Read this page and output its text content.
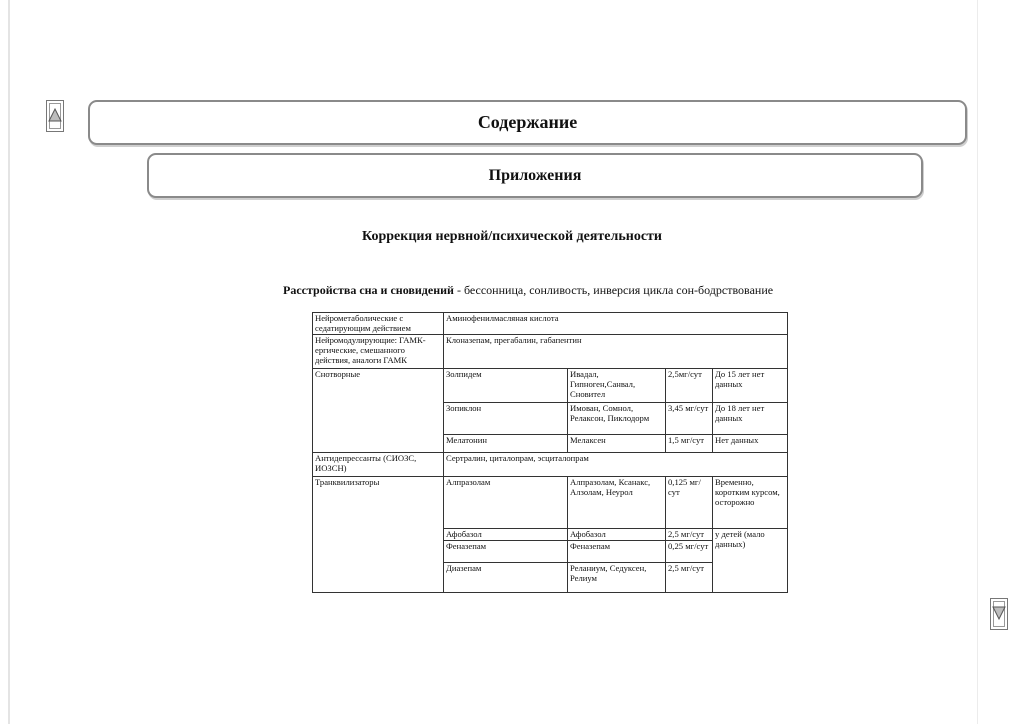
Содержание
Приложения
Коррекция нервной/психической деятельности
Расстройства сна и сновидений - бессонница, сонливость, инверсия цикла сон-бодрствование
Нейрометаболические с седатирующим действием	Аминофенилмасляная кислота			
Нейромодулирующие: ГАМК-ергические, смешанного действия, аналоги ГАМК	Клоназепам, прегабалин, габапентин			
Снотворные	Золпидем	Ивадал, Гипноген,Санвал, Сновител	2,5мг/сут	До 15 лет нет данных
	Зопиклон	Имован, Сомнол, Релаксон, Пиклодорм	3,45 мг/сут	До 18 лет нет данных
	Мелатонин	Мелаксен	1,5 мг/сут	Нет данных
Антидепрессанты (СИОЗС, ИОЗСН)	Сертралин, циталопрам, эсциталопрам			
Транквилизаторы	Алпразолам	Алпразолам, Ксанакс, Алзолам, Неурол	0,125 мг/сут	Временно, коротким курсом, осторожно
	Афобазол	Афобазол	2,5 мг/сут	у детей (мало данных)
	Феназепам	Феназепам	0,25 мг/сут	
	Диазепам	Реланиум, Седуксен, Релиум	2,5 мг/сут	
